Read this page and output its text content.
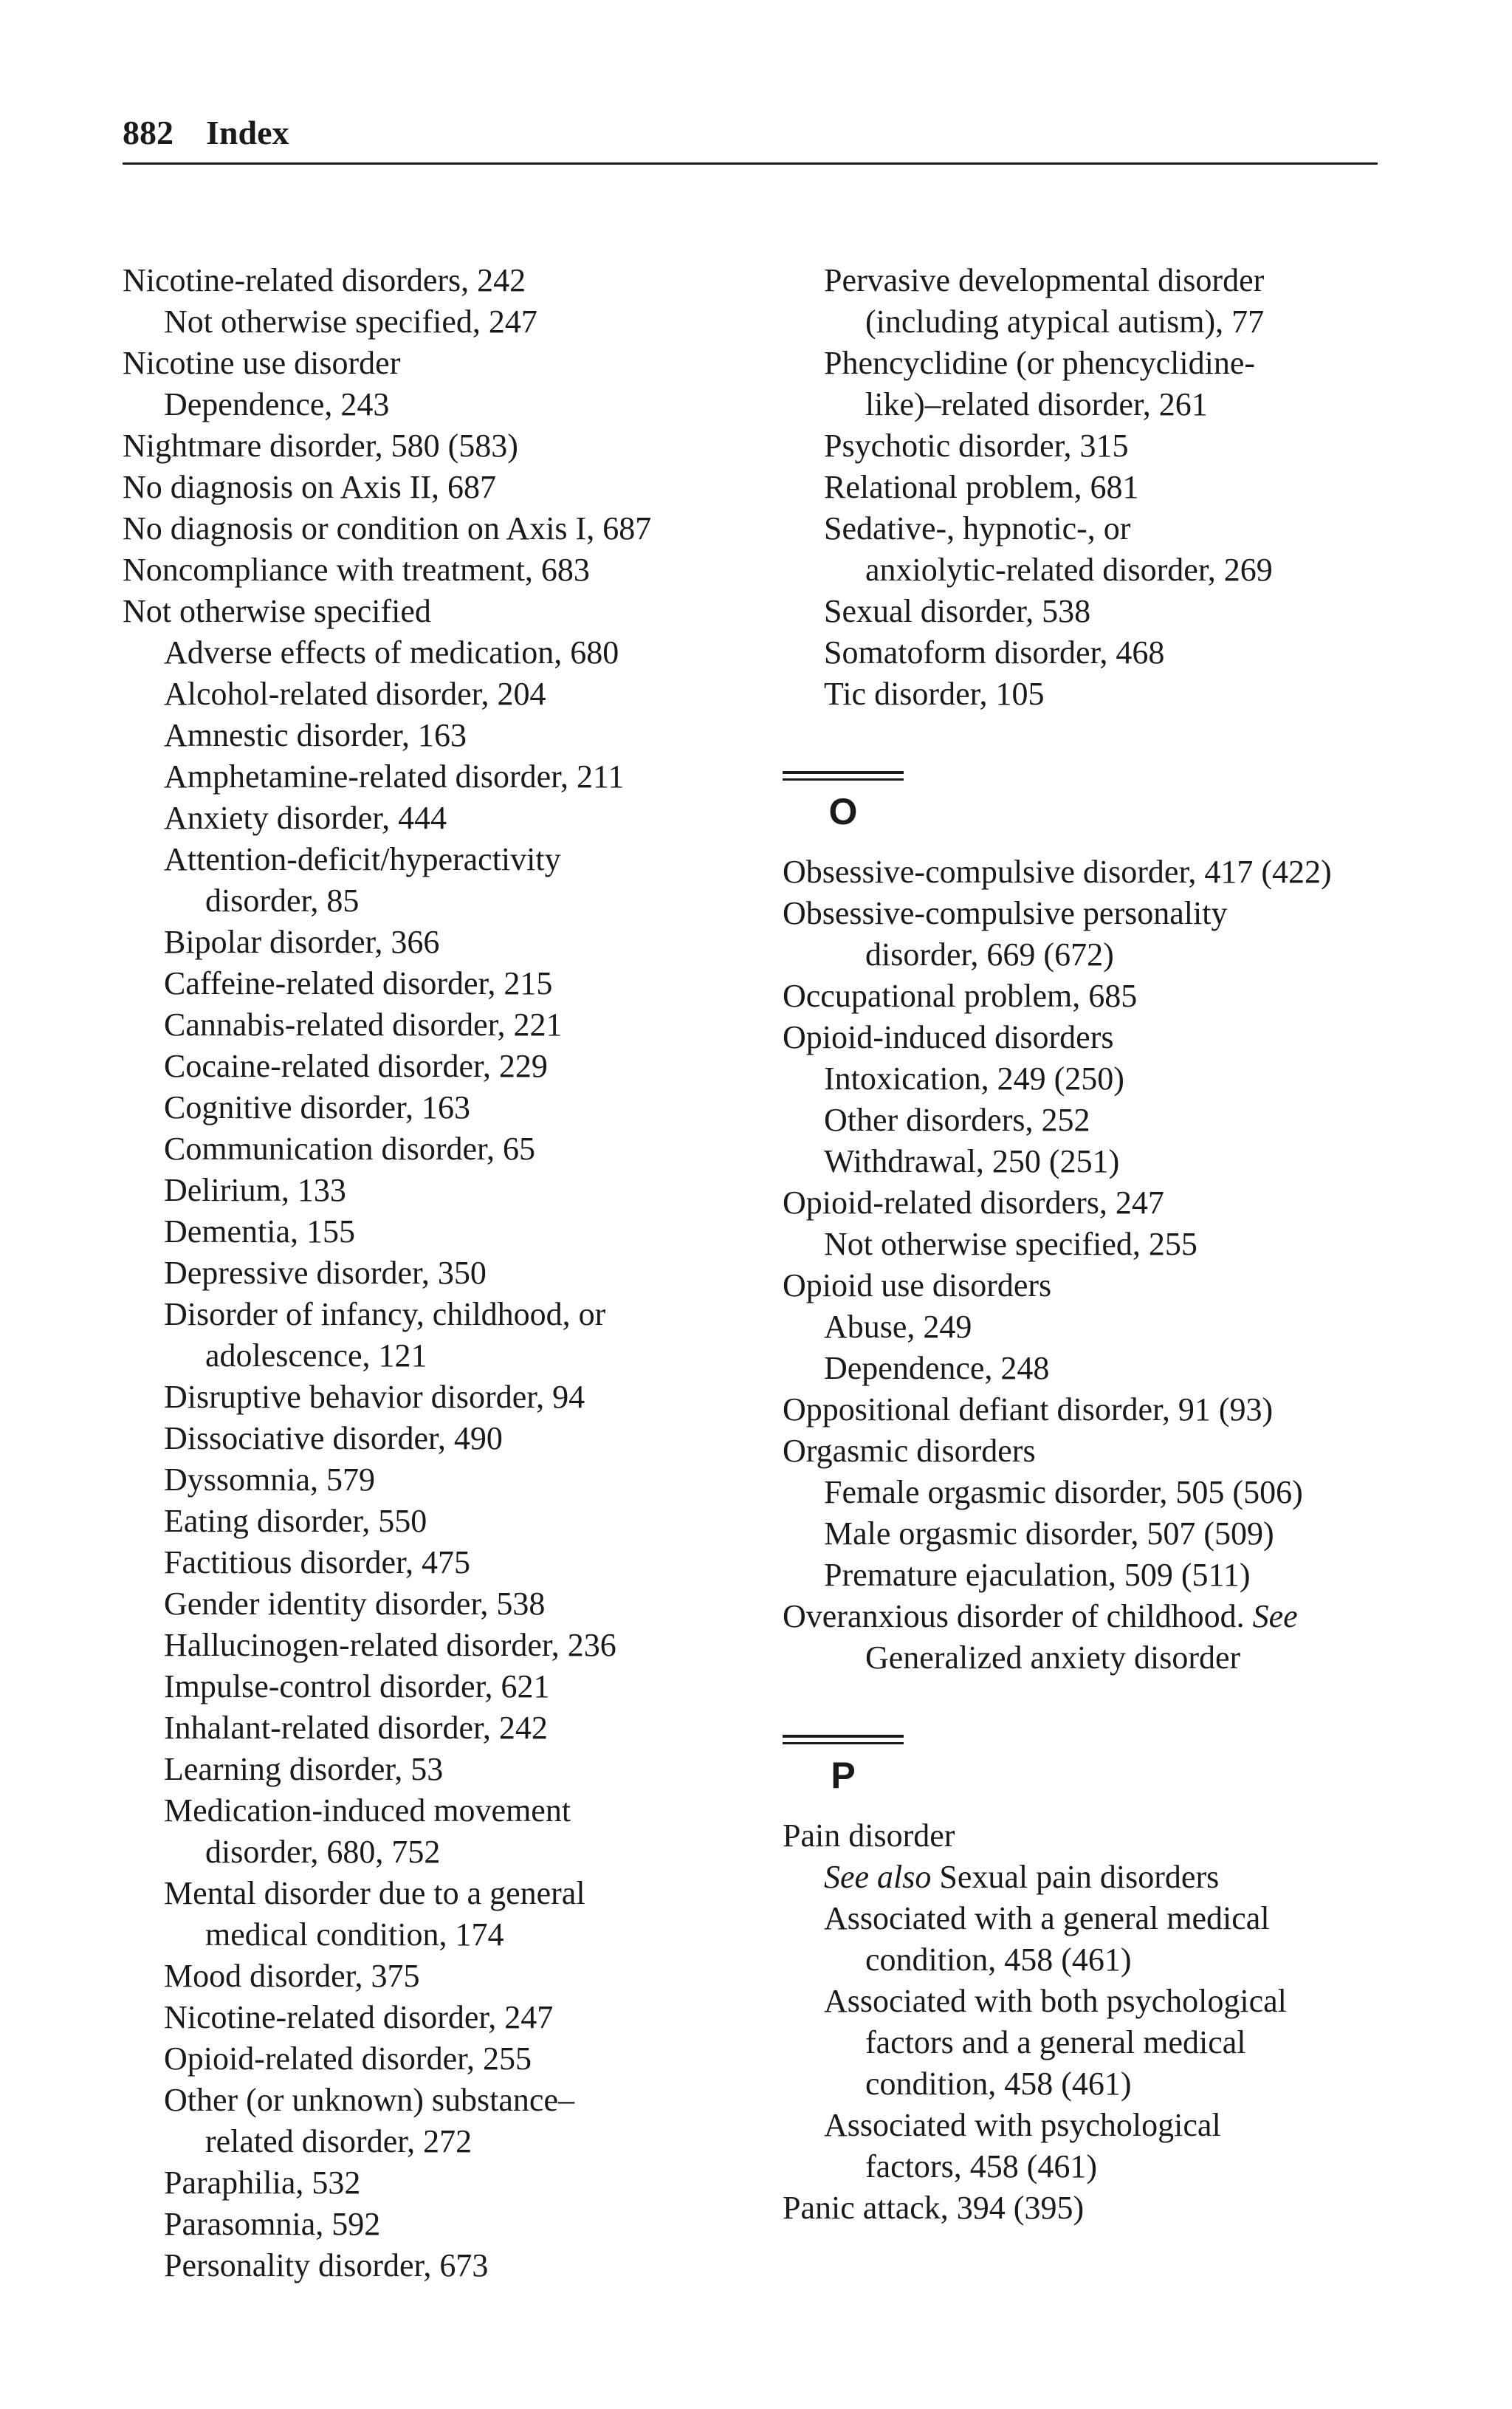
882 Index
Nicotine-related disorders, 242
Not otherwise specified, 247
Nicotine use disorder
Dependence, 243
Nightmare disorder, 580 (583)
No diagnosis on Axis II, 687
No diagnosis or condition on Axis I, 687
Noncompliance with treatment, 683
Not otherwise specified
Adverse effects of medication, 680
Alcohol-related disorder, 204
Amnestic disorder, 163
Amphetamine-related disorder, 211
Anxiety disorder, 444
Attention-deficit/hyperactivity
disorder, 85
Bipolar disorder, 366
Caffeine-related disorder, 215
Cannabis-related disorder, 221
Cocaine-related disorder, 229
Cognitive disorder, 163
Communication disorder, 65
Delirium, 133
Dementia, 155
Depressive disorder, 350
Disorder of infancy, childhood, or
adolescence, 121
Disruptive behavior disorder, 94
Dissociative disorder, 490
Dyssomnia, 579
Eating disorder, 550
Factitious disorder, 475
Gender identity disorder, 538
Hallucinogen-related disorder, 236
Impulse-control disorder, 621
Inhalant-related disorder, 242
Learning disorder, 53
Medication-induced movement
disorder, 680, 752
Mental disorder due to a general
medical condition, 174
Mood disorder, 375
Nicotine-related disorder, 247
Opioid-related disorder, 255
Other (or unknown) substance–
related disorder, 272
Paraphilia, 532
Parasomnia, 592
Personality disorder, 673
Pervasive developmental disorder
(including atypical autism), 77
Phencyclidine (or phencyclidine-
like)–related disorder, 261
Psychotic disorder, 315
Relational problem, 681
Sedative-, hypnotic-, or
anxiolytic-related disorder, 269
Sexual disorder, 538
Somatoform disorder, 468
Tic disorder, 105
O
Obsessive-compulsive disorder, 417 (422)
Obsessive-compulsive personality
disorder, 669 (672)
Occupational problem, 685
Opioid-induced disorders
Intoxication, 249 (250)
Other disorders, 252
Withdrawal, 250 (251)
Opioid-related disorders, 247
Not otherwise specified, 255
Opioid use disorders
Abuse, 249
Dependence, 248
Oppositional defiant disorder, 91 (93)
Orgasmic disorders
Female orgasmic disorder, 505 (506)
Male orgasmic disorder, 507 (509)
Premature ejaculation, 509 (511)
Overanxious disorder of childhood. See
Generalized anxiety disorder
P
Pain disorder
See also Sexual pain disorders
Associated with a general medical
condition, 458 (461)
Associated with both psychological
factors and a general medical
condition, 458 (461)
Associated with psychological
factors, 458 (461)
Panic attack, 394 (395)
